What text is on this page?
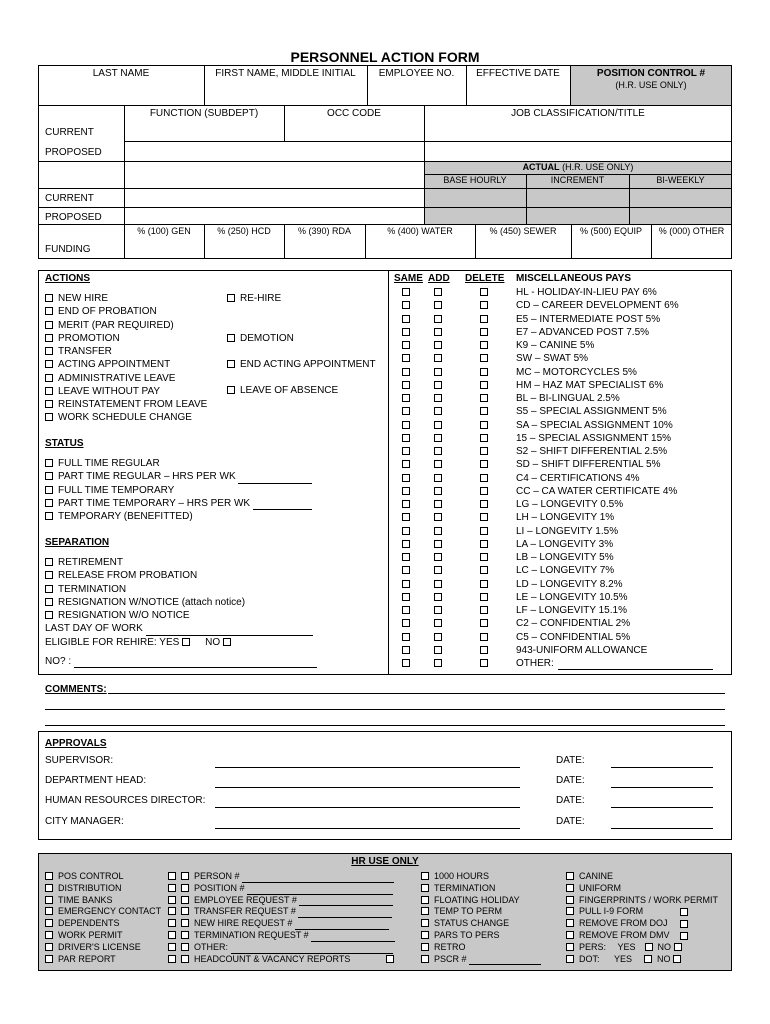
PERSONNEL ACTION FORM
LAST NAME	FIRST NAME, MIDDLE INITIAL	EMPLOYEE NO.	EFFECTIVE DATE	POSITION CONTROL #
(H.R. USE ONLY)
FUNCTION (SUBDEPT)	OCC CODE	JOB CLASSIFICATION/TITLE
CURRENT
PROPOSED
ACTUAL (H.R. USE ONLY)
BASE HOURLY	INCREMENT	BI-WEEKLY
CURRENT
PROPOSED
FUNDING
% (100) GEN	% (250) HCD	% (390) RDA	% (400) WATER	% (450) SEWER	% (500) EQUIP	% (000) OTHER
ACTIONS
NEW HIRE
END OF PROBATION
MERIT (PAR REQUIRED)
PROMOTION
TRANSFER
ACTING APPOINTMENT
ADMINISTRATIVE LEAVE
LEAVE WITHOUT PAY
REINSTATEMENT FROM LEAVE
WORK SCHEDULE CHANGE
RE-HIRE
DEMOTION
END ACTING APPOINTMENT
LEAVE OF ABSENCE
STATUS
FULL TIME REGULAR
PART TIME REGULAR – HRS PER WK
FULL TIME TEMPORARY
PART TIME TEMPORARY – HRS PER WK
TEMPORARY (BENEFITTED)
SEPARATION
RETIREMENT
RELEASE FROM PROBATION
TERMINATION
RESIGNATION W/NOTICE (attach notice)
RESIGNATION W/O NOTICE
LAST DAY OF WORK
ELIGIBLE FOR REHIRE: YES	NO
NO? :
SAME ADD DELETE MISCELLANEOUS PAYS
HL - HOLIDAY-IN-LIEU PAY 6%
CD – CAREER DEVELOPMENT 6%
E5 – INTERMEDIATE POST 5%
E7 – ADVANCED POST 7.5%
K9 – CANINE 5%
SW – SWAT 5%
MC – MOTORCYCLES 5%
HM – HAZ MAT SPECIALIST 6%
BL – BI-LINGUAL 2.5%
S5 – SPECIAL ASSIGNMENT 5%
SA – SPECIAL ASSIGNMENT 10%
15 – SPECIAL ASSIGNMENT 15%
S2 – SHIFT DIFFERENTIAL 2.5%
SD – SHIFT DIFFERENTIAL 5%
C4 – CERTIFICATIONS 4%
CC – CA WATER CERTIFICATE 4%
LG – LONGEVITY 0.5%
LH – LONGEVITY 1%
LI – LONGEVITY 1.5%
LA – LONGEVITY 3%
LB – LONGEVITY 5%
LC – LONGEVITY 7%
LD – LONGEVITY 8.2%
LE – LONGEVITY 10.5%
LF – LONGEVITY 15.1%
C2 – CONFIDENTIAL 2%
C5 – CONFIDENTIAL 5%
943-UNIFORM ALLOWANCE
OTHER:
COMMENTS:
APPROVALS
SUPERVISOR:	DATE:
DEPARTMENT HEAD:	DATE:
HUMAN RESOURCES DIRECTOR:	DATE:
CITY MANAGER:	DATE:
HR USE ONLY
POS CONTROL
DISTRIBUTION
TIME BANKS
EMERGENCY CONTACT
DEPENDENTS
WORK PERMIT
DRIVER'S LICENSE
PAR REPORT
PERSON #
POSITION #
EMPLOYEE REQUEST #
TRANSFER REQUEST #
NEW HIRE REQUEST #
TERMINATION REQUEST #
OTHER:
HEADCOUNT & VACANCY REPORTS
1000 HOURS
TERMINATION
FLOATING HOLIDAY
TEMP TO PERM
STATUS CHANGE
PARS TO PERS
RETRO
PSCR #
CANINE
UNIFORM
FINGERPRINTS / WORK PERMIT
PULL I-9 FORM
REMOVE FROM DOJ
REMOVE FROM DMV
PERS: YES NO
DOT: YES	NO
